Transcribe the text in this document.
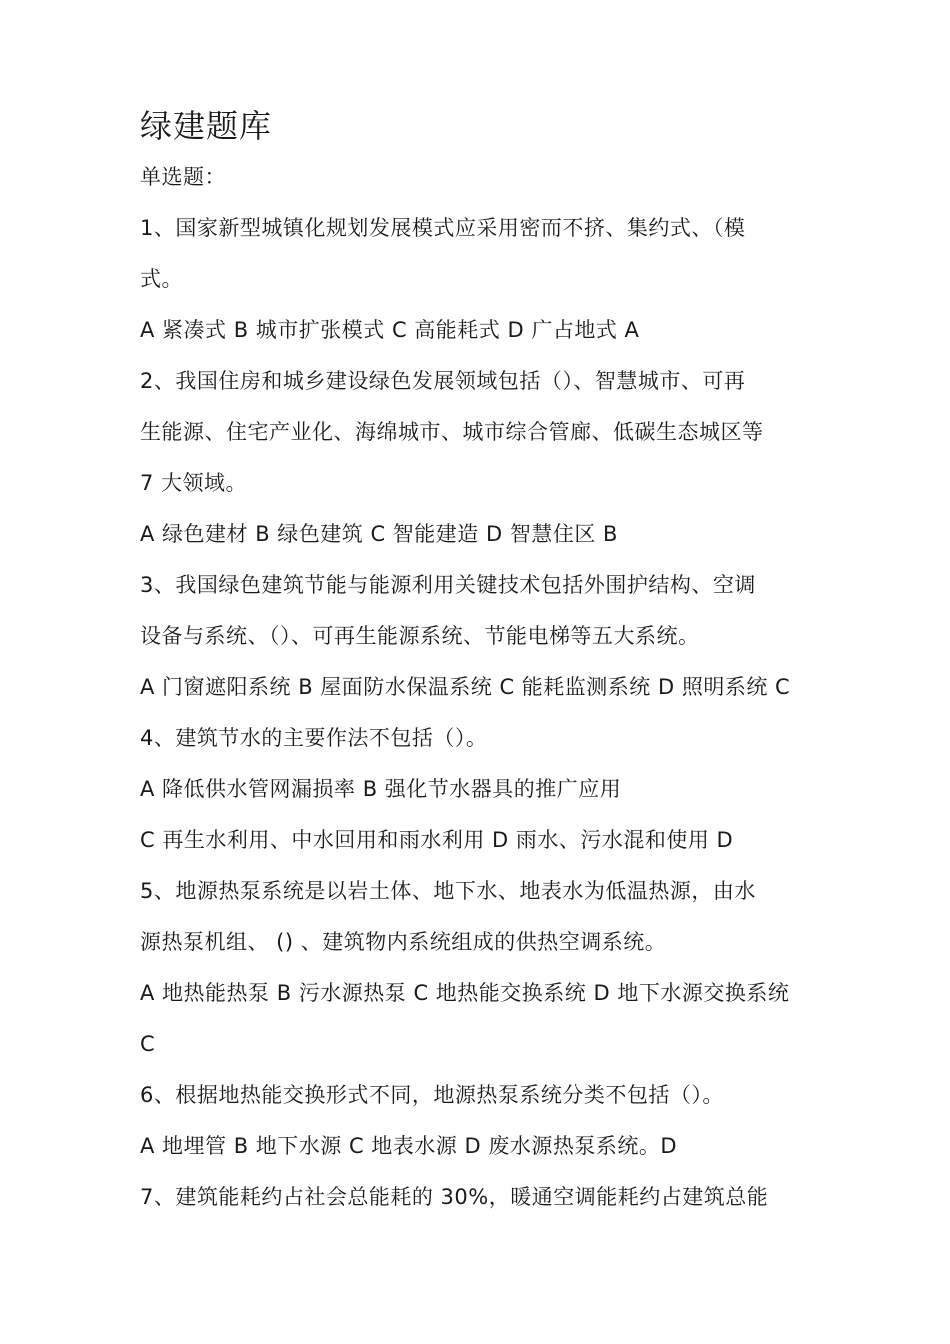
绿建题库

单选题：

1、国家新型城镇化规划发展模式应采用密而不挤、集约式、（模

式。

A 紧凑式 B 城市扩张模式 C 高能耗式 D 广占地式 A

2、我国住房和城乡建设绿色发展领域包括（）、智慧城市、可再

生能源、住宅产业化、海绵城市、城市综合管廊、低碳生态城区等

7 大领域。

A 绿色建材 B 绿色建筑 C 智能建造 D 智慧住区 B

3、我国绿色建筑节能与能源利用关键技术包括外围护结构、空调

设备与系统、（）、可再生能源系统、节能电梯等五大系统。

A 门窗遮阳系统 B 屋面防水保温系统 C 能耗监测系统 D 照明系统 C

4、建筑节水的主要作法不包括（）。

A 降低供水管网漏损率 B 强化节水器具的推广应用

C 再生水利用、中水回用和雨水利用 D 雨水、污水混和使用 D

5、地源热泵系统是以岩土体、地下水、地表水为低温热源，由水

源热泵机组、 () 、建筑物内系统组成的供热空调系统。

A 地热能热泵 B 污水源热泵 C 地热能交换系统 D 地下水源交换系统

C

6、根据地热能交换形式不同，地源热泵系统分类不包括（）。

A 地埋管 B 地下水源 C 地表水源 D 废水源热泵系统。D

7、建筑能耗约占社会总能耗的 30%，暖通空调能耗约占建筑总能
